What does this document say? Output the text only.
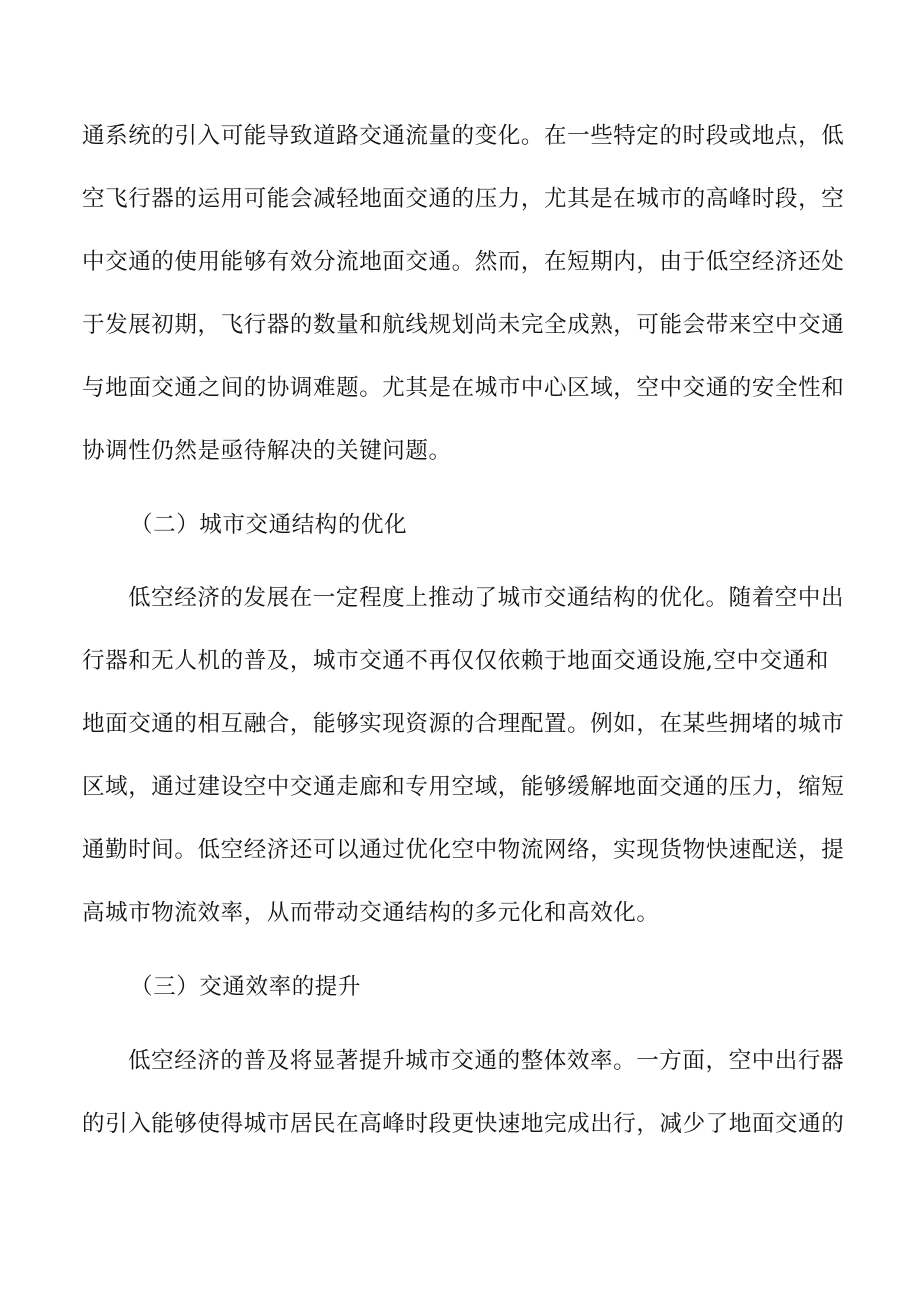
通系统的引入可能导致道路交通流量的变化。在一些特定的时段或地点，低
空飞行器的运用可能会减轻地面交通的压力，尤其是在城市的高峰时段，空
中交通的使用能够有效分流地面交通。然而，在短期内，由于低空经济还处
于发展初期，飞行器的数量和航线规划尚未完全成熟，可能会带来空中交通
与地面交通之间的协调难题。尤其是在城市中心区域，空中交通的安全性和
协调性仍然是亟待解决的关键问题。
（二）城市交通结构的优化
低空经济的发展在一定程度上推动了城市交通结构的优化。随着空中出
行器和无人机的普及，城市交通不再仅仅依赖于地面交通设施,空中交通和
地面交通的相互融合，能够实现资源的合理配置。例如，在某些拥堵的城市
区域，通过建设空中交通走廊和专用空域，能够缓解地面交通的压力，缩短
通勤时间。低空经济还可以通过优化空中物流网络，实现货物快速配送，提
高城市物流效率，从而带动交通结构的多元化和高效化。
（三）交通效率的提升
低空经济的普及将显著提升城市交通的整体效率。一方面，空中出行器
的引入能够使得城市居民在高峰时段更快速地完成出行，减少了地面交通的
